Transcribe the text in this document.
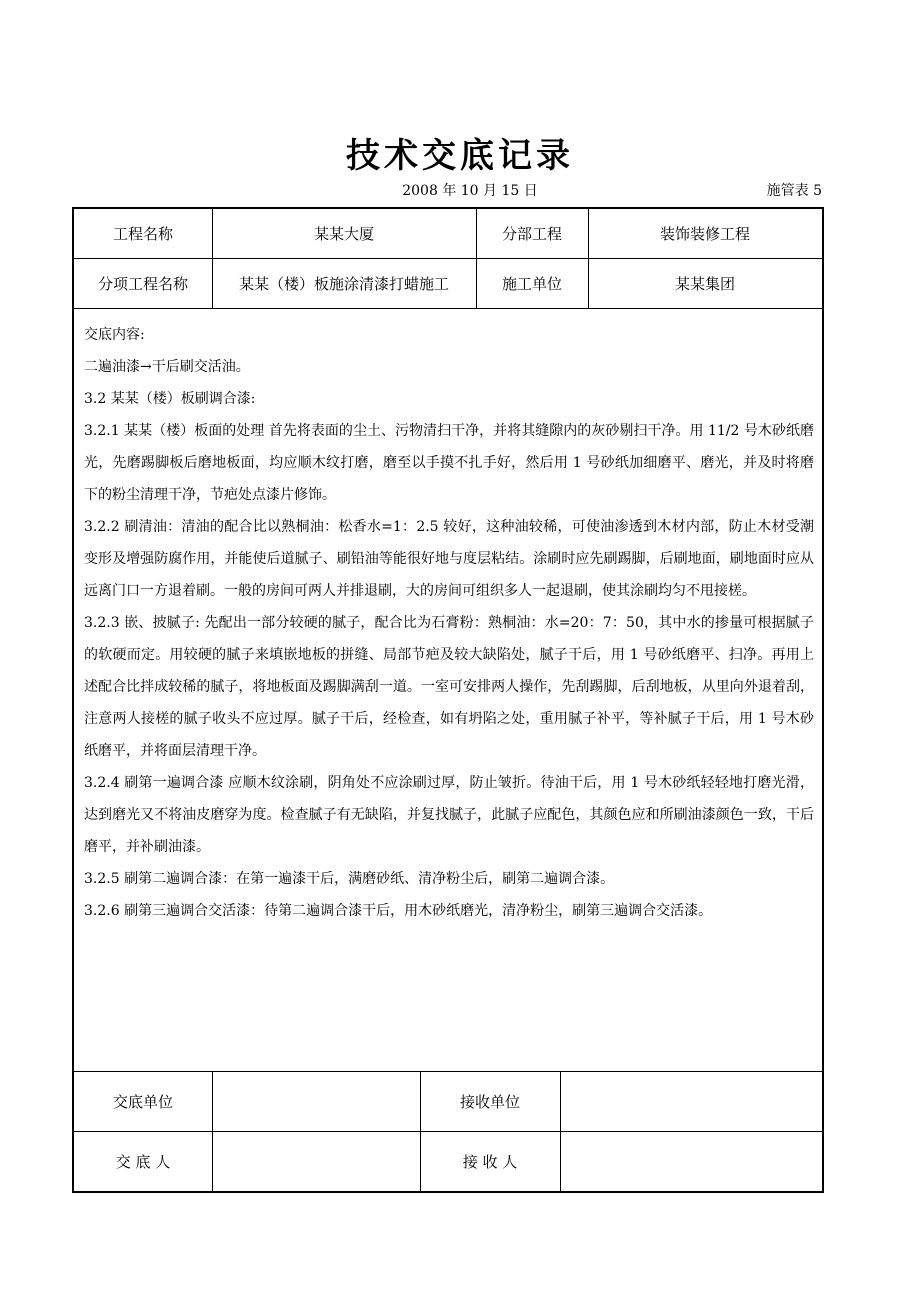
技术交底记录
2008 年 10 月 15 日	施管表 5
工程名称	某某大厦	分部工程	装饰装修工程
分项工程名称	某某（楼）板施涂清漆打蜡施工	施工单位	某某集团

交底内容:

二遍油漆→干后刷交活油。

3.2 某某（楼）板刷调合漆:

3.2.1 某某（楼）板面的处理 首先将表面的尘土、污物清扫干净，并将其缝隙内的灰砂剔扫干净。用 11/2 号木砂纸磨光，先磨踢脚板后磨地板面，均应顺木纹打磨，磨至以手摸不扎手好，然后用 1 号砂纸加细磨平、磨光，并及时将磨下的粉尘清理干净，节疤处点漆片修饰。

3.2.2 刷清油：清油的配合比以熟桐油：松香水=1：2.5 较好，这种油较稀，可使油渗透到木材内部，防止木材受潮变形及增强防腐作用，并能使后道腻子、刷铅油等能很好地与度层粘结。涂刷时应先刷踢脚，后刷地面，刷地面时应从远离门口一方退着刷。一般的房间可两人并排退刷，大的房间可组织多人一起退刷，使其涂刷均匀不甩接槎。

3.2.3 嵌、披腻子: 先配出一部分较硬的腻子，配合比为石膏粉：熟桐油：水=20：7：50，其中水的掺量可根据腻子的软硬而定。用较硬的腻子来填嵌地板的拼缝、局部节疤及较大缺陷处，腻子干后，用 1 号砂纸磨平、扫净。再用上述配合比拌成较稀的腻子，将地板面及踢脚满刮一道。一室可安排两人操作，先刮踢脚，后刮地板，从里向外退着刮，注意两人接槎的腻子收头不应过厚。腻子干后，经检查，如有坍陷之处，重用腻子补平，等补腻子干后，用 1 号木砂纸磨平，并将面层清理干净。

3.2.4 刷第一遍调合漆 应顺木纹涂刷，阴角处不应涂刷过厚，防止皱折。待油干后，用 1 号木砂纸轻轻地打磨光滑，达到磨光又不将油皮磨穿为度。检查腻子有无缺陷，并复找腻子，此腻子应配色，其颜色应和所刷油漆颜色一致，干后磨平，并补刷油漆。

3.2.5 刷第二遍调合漆：在第一遍漆干后，满磨砂纸、清净粉尘后，刷第二遍调合漆。

3.2.6 刷第三遍调合交活漆：待第二遍调合漆干后，用木砂纸磨光，清净粉尘，刷第三遍调合交活漆。

交底单位	接收单位
交 底 人	接 收 人
